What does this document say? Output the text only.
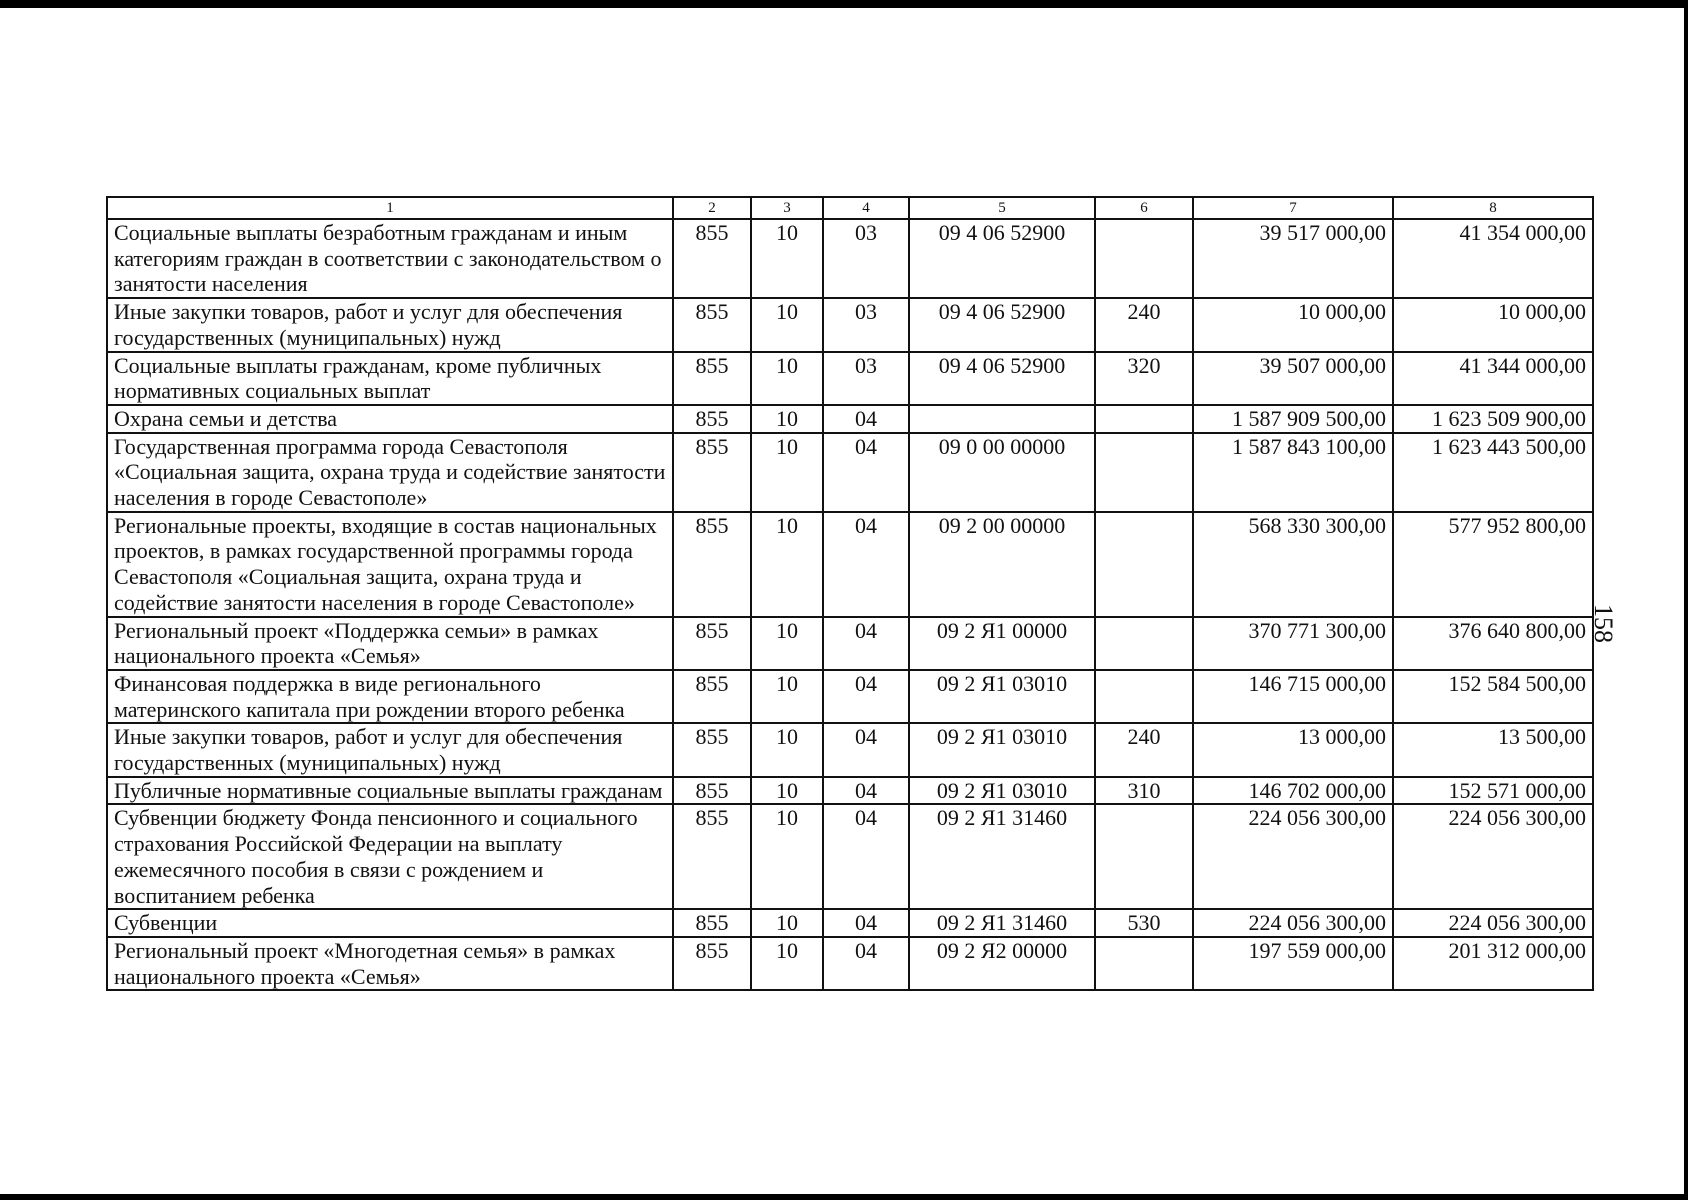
158
1	2	3	4	5	6	7	8
Социальные выплаты безработным гражданам и иным категориям граждан в соответствии с законодательством о занятости населения	855	10	03	09 4 06 52900		39 517 000,00	41 354 000,00
Иные закупки товаров, работ и услуг для обеспечения государственных (муниципальных) нужд	855	10	03	09 4 06 52900	240	10 000,00	10 000,00
Социальные выплаты гражданам, кроме публичных нормативных социальных выплат	855	10	03	09 4 06 52900	320	39 507 000,00	41 344 000,00
Охрана семьи и детства	855	10	04			1 587 909 500,00	1 623 509 900,00
Государственная программа города Севастополя «Социальная защита, охрана труда и содействие занятости населения в городе Севастополе»	855	10	04	09 0 00 00000		1 587 843 100,00	1 623 443 500,00
Региональные проекты, входящие в состав национальных проектов, в рамках государственной программы города Севастополя «Социальная защита, охрана труда и содействие занятости населения в городе Севастополе»	855	10	04	09 2 00 00000		568 330 300,00	577 952 800,00
Региональный проект «Поддержка семьи» в рамках национального проекта «Семья»	855	10	04	09 2 Я1 00000		370 771 300,00	376 640 800,00
Финансовая поддержка в виде регионального материнского капитала при рождении второго ребенка	855	10	04	09 2 Я1 03010		146 715 000,00	152 584 500,00
Иные закупки товаров, работ и услуг для обеспечения государственных (муниципальных) нужд	855	10	04	09 2 Я1 03010	240	13 000,00	13 500,00
Публичные нормативные социальные выплаты гражданам	855	10	04	09 2 Я1 03010	310	146 702 000,00	152 571 000,00
Субвенции бюджету Фонда пенсионного и социального страхования Российской Федерации на выплату ежемесячного пособия в связи с рождением и воспитанием ребенка	855	10	04	09 2 Я1 31460		224 056 300,00	224 056 300,00
Субвенции	855	10	04	09 2 Я1 31460	530	224 056 300,00	224 056 300,00
Региональный проект «Многодетная семья» в рамках национального проекта «Семья»	855	10	04	09 2 Я2 00000		197 559 000,00	201 312 000,00
